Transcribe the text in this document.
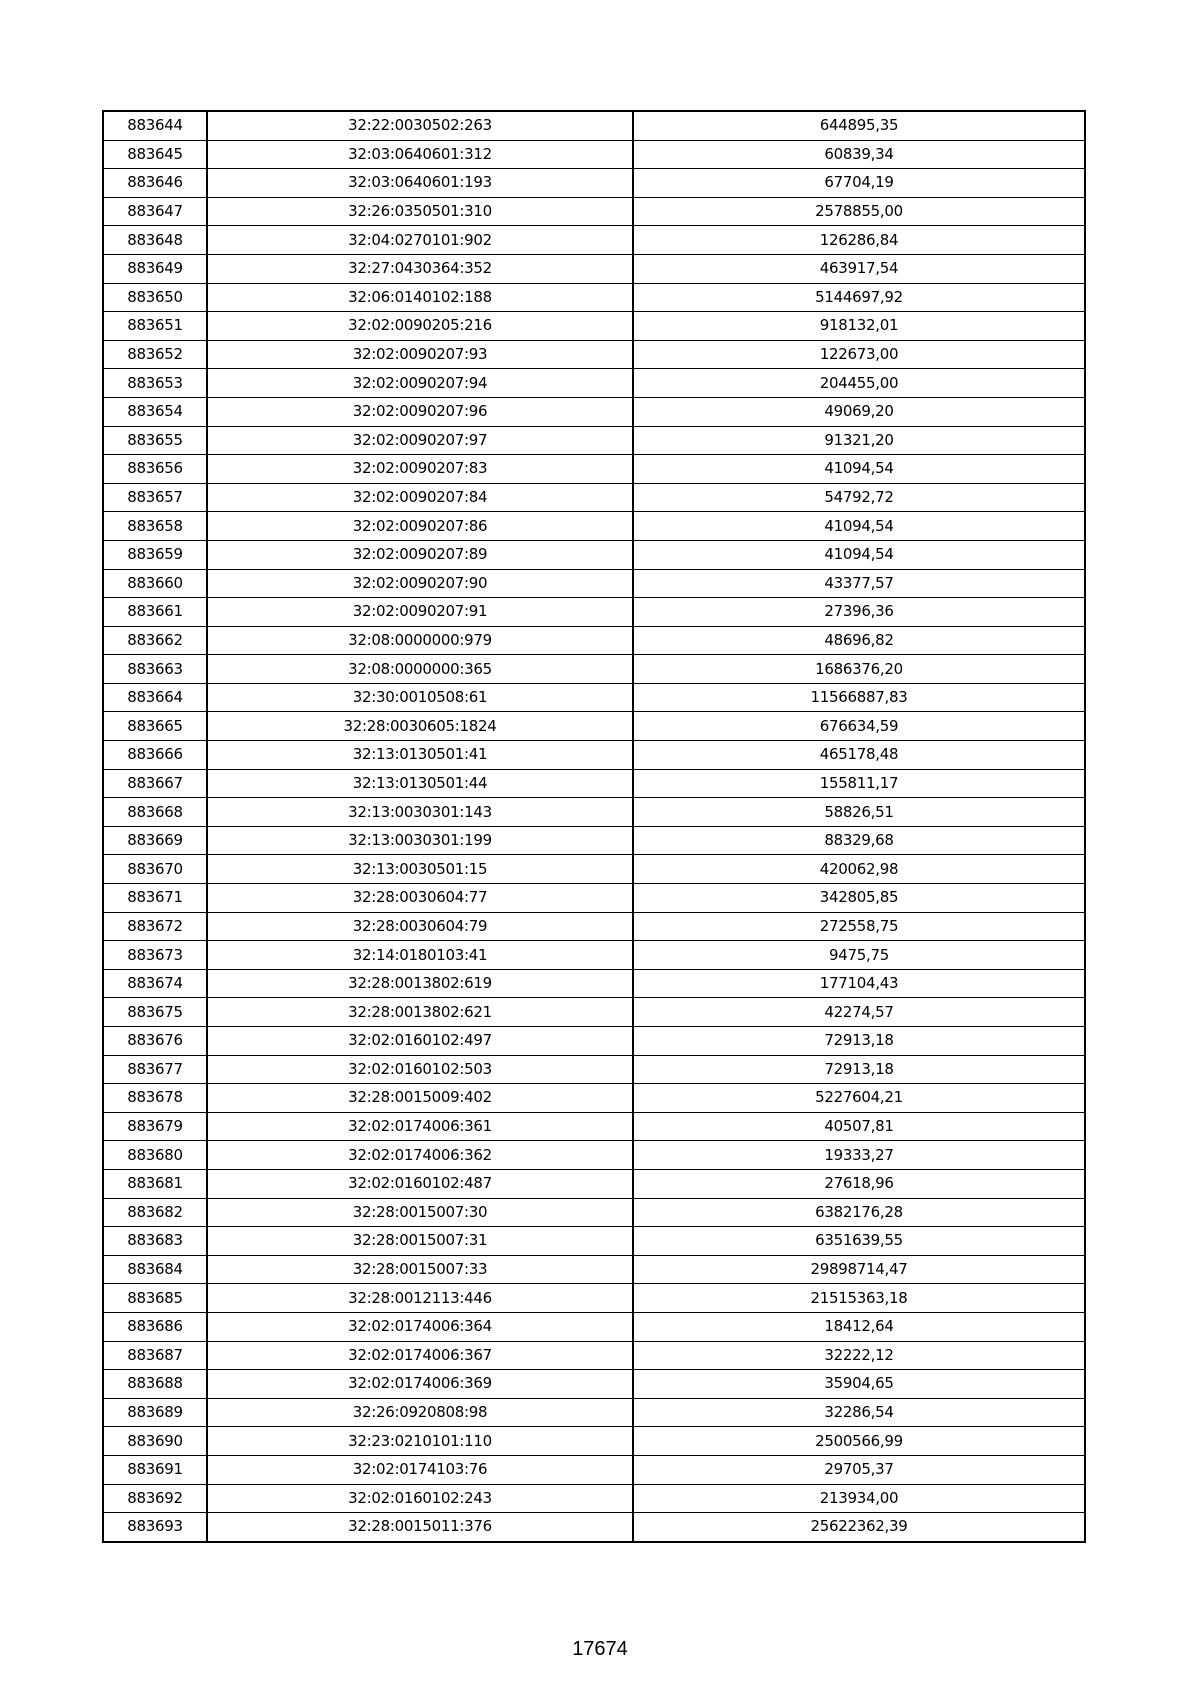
883644	32:22:0030502:263	644895,35
883645	32:03:0640601:312	60839,34
883646	32:03:0640601:193	67704,19
883647	32:26:0350501:310	2578855,00
883648	32:04:0270101:902	126286,84
883649	32:27:0430364:352	463917,54
883650	32:06:0140102:188	5144697,92
883651	32:02:0090205:216	918132,01
883652	32:02:0090207:93	122673,00
883653	32:02:0090207:94	204455,00
883654	32:02:0090207:96	49069,20
883655	32:02:0090207:97	91321,20
883656	32:02:0090207:83	41094,54
883657	32:02:0090207:84	54792,72
883658	32:02:0090207:86	41094,54
883659	32:02:0090207:89	41094,54
883660	32:02:0090207:90	43377,57
883661	32:02:0090207:91	27396,36
883662	32:08:0000000:979	48696,82
883663	32:08:0000000:365	1686376,20
883664	32:30:0010508:61	11566887,83
883665	32:28:0030605:1824	676634,59
883666	32:13:0130501:41	465178,48
883667	32:13:0130501:44	155811,17
883668	32:13:0030301:143	58826,51
883669	32:13:0030301:199	88329,68
883670	32:13:0030501:15	420062,98
883671	32:28:0030604:77	342805,85
883672	32:28:0030604:79	272558,75
883673	32:14:0180103:41	9475,75
883674	32:28:0013802:619	177104,43
883675	32:28:0013802:621	42274,57
883676	32:02:0160102:497	72913,18
883677	32:02:0160102:503	72913,18
883678	32:28:0015009:402	5227604,21
883679	32:02:0174006:361	40507,81
883680	32:02:0174006:362	19333,27
883681	32:02:0160102:487	27618,96
883682	32:28:0015007:30	6382176,28
883683	32:28:0015007:31	6351639,55
883684	32:28:0015007:33	29898714,47
883685	32:28:0012113:446	21515363,18
883686	32:02:0174006:364	18412,64
883687	32:02:0174006:367	32222,12
883688	32:02:0174006:369	35904,65
883689	32:26:0920808:98	32286,54
883690	32:23:0210101:110	2500566,99
883691	32:02:0174103:76	29705,37
883692	32:02:0160102:243	213934,00
883693	32:28:0015011:376	25622362,39
17674
